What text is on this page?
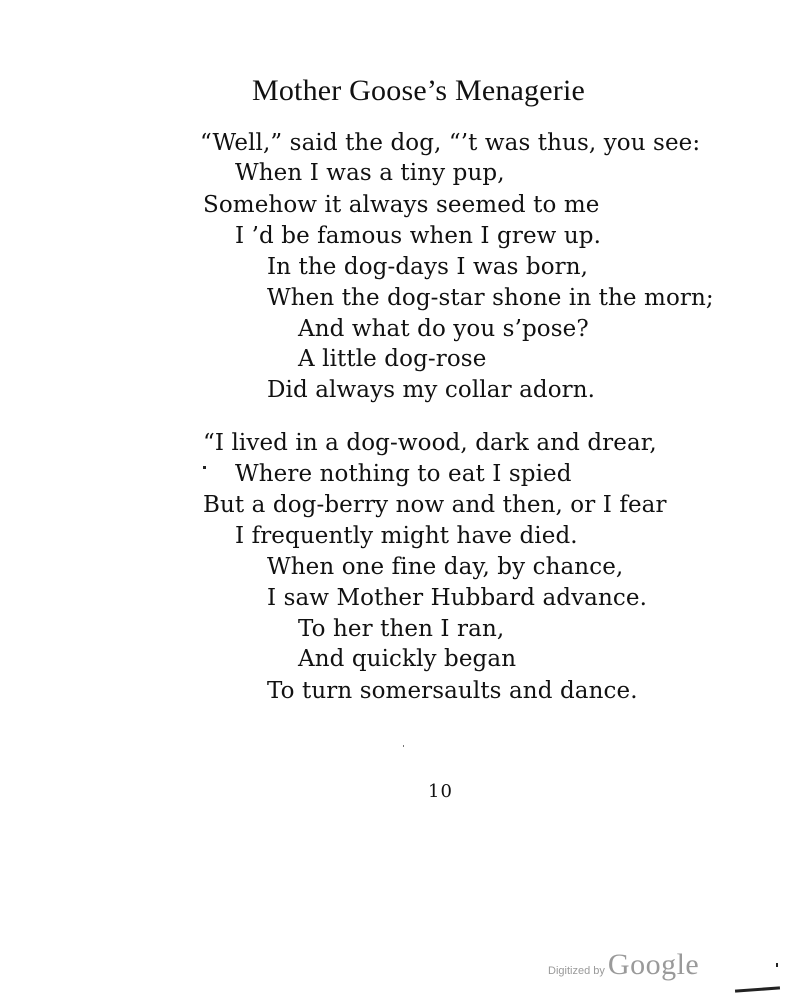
Mother Goose’s Menagerie
“Well,” said the dog, “’t was thus, you see:
When I was a tiny pup,
Somehow it always seemed to me
I ’d be famous when I grew up.
In the dog-days I was born,
When the dog-star shone in the morn;
And what do you s’pose?
A little dog-rose
Did always my collar adorn.
“I lived in a dog-wood, dark and drear,
Where nothing to eat I spied
But a dog-berry now and then, or I fear
I frequently might have died.
When one fine day, by chance,
I saw Mother Hubbard advance.
To her then I ran,
And quickly began
To turn somersaults and dance.
10
Digitized by Google
